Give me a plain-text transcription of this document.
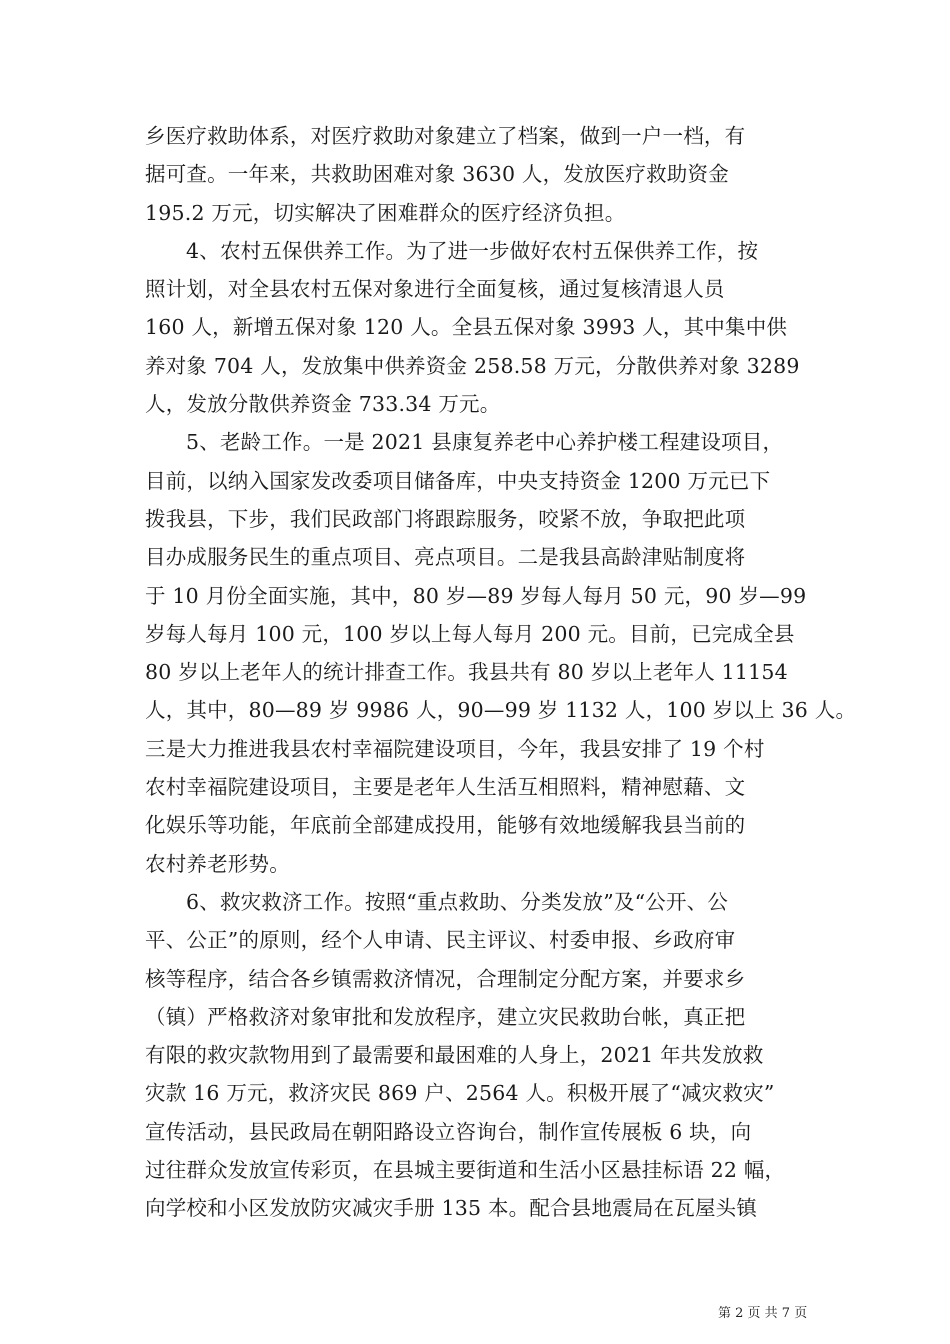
乡医疗救助体系，对医疗救助对象建立了档案，做到一户一档，有
据可查。一年来，共救助困难对象 3630 人，发放医疗救助资金
195.2 万元，切实解决了困难群众的医疗经济负担。
4、农村五保供养工作。为了进一步做好农村五保供养工作，按
照计划，对全县农村五保对象进行全面复核，通过复核清退人员
160 人，新增五保对象 120 人。全县五保对象 3993 人，其中集中供
养对象 704 人，发放集中供养资金 258.58 万元，分散供养对象 3289
人，发放分散供养资金 733.34 万元。
5、老龄工作。一是 2021 县康复养老中心养护楼工程建设项目，
目前，以纳入国家发改委项目储备库，中央支持资金 1200 万元已下
拨我县，下步，我们民政部门将跟踪服务，咬紧不放，争取把此项
目办成服务民生的重点项目、亮点项目。二是我县高龄津贴制度将
于 10 月份全面实施，其中，80 岁—89 岁每人每月 50 元，90 岁—99
岁每人每月 100 元，100 岁以上每人每月 200 元。目前，已完成全县
80 岁以上老年人的统计排查工作。我县共有 80 岁以上老年人 11154
人，其中，80—89 岁 9986 人，90—99 岁 1132 人，100 岁以上 36 人。
三是大力推进我县农村幸福院建设项目，今年，我县安排了 19 个村
农村幸福院建设项目，主要是老年人生活互相照料，精神慰藉、文
化娱乐等功能，年底前全部建成投用，能够有效地缓解我县当前的
农村养老形势。
6、救灾救济工作。按照“重点救助、分类发放”及“公开、公
平、公正”的原则，经个人申请、民主评议、村委申报、乡政府审
核等程序，结合各乡镇需救济情况，合理制定分配方案，并要求乡
（镇）严格救济对象审批和发放程序，建立灾民救助台帐，真正把
有限的救灾款物用到了最需要和最困难的人身上，2021 年共发放救
灾款 16 万元，救济灾民 869 户、2564 人。积极开展了“减灾救灾”
宣传活动，县民政局在朝阳路设立咨询台，制作宣传展板 6 块，向
过往群众发放宣传彩页，在县城主要街道和生活小区悬挂标语 22 幅，
向学校和小区发放防灾减灾手册 135 本。配合县地震局在瓦屋头镇
第 2 页 共 7 页
